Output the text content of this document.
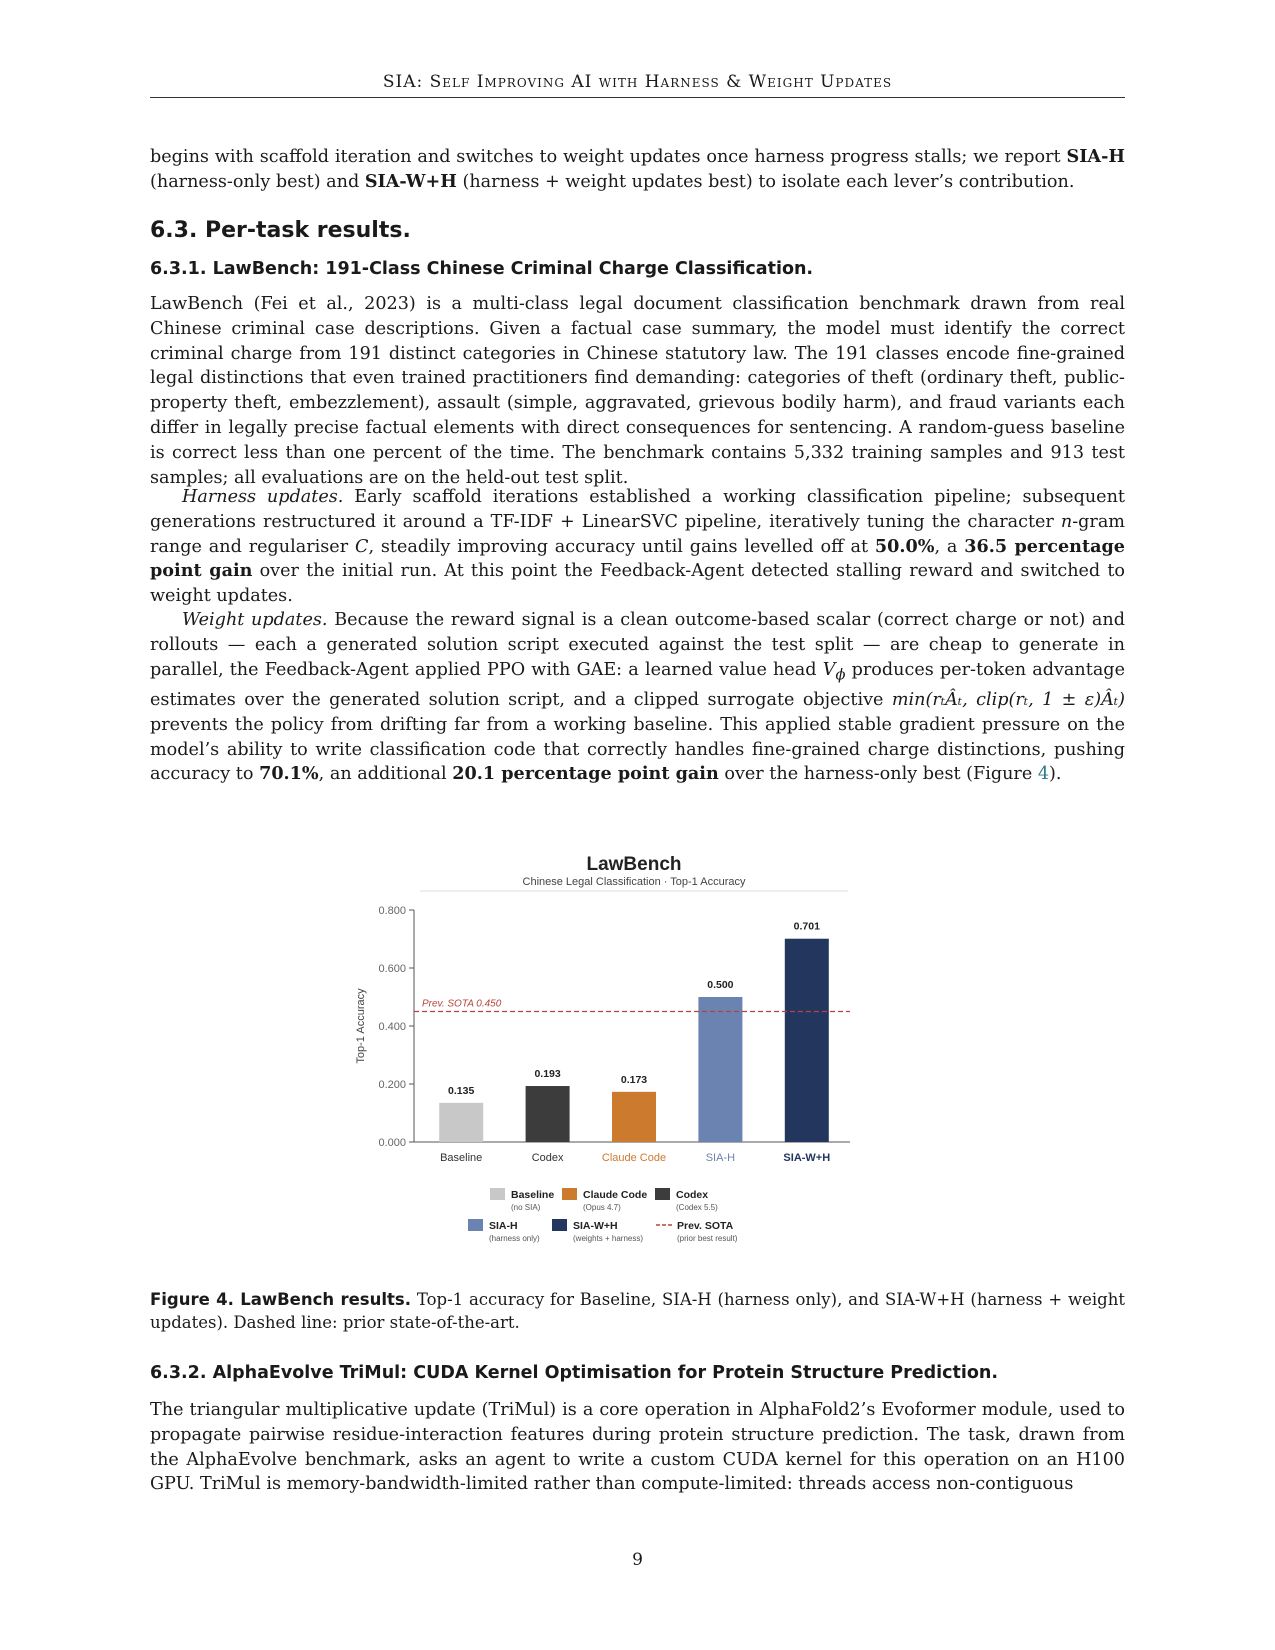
SIA: Self Improving AI with Harness & Weight Updates

begins with scaffold iteration and switches to weight updates once harness progress stalls; we report SIA-H (harness-only best) and SIA-W+H (harness + weight updates best) to isolate each lever’s contribution.

6.3. Per-task results.
6.3.1. LawBench: 191-Class Chinese Criminal Charge Classification.

LawBench (Fei et al., 2023) is a multi-class legal document classification benchmark drawn from real Chinese criminal case descriptions. Given a factual case summary, the model must identify the correct criminal charge from 191 distinct categories in Chinese statutory law. The 191 classes encode fine-grained legal distinctions that even trained practitioners find demanding: categories of theft (ordinary theft, public-property theft, embezzlement), assault (simple, aggravated, grievous bodily harm), and fraud variants each differ in legally precise factual elements with direct consequences for sentencing. A random-guess baseline is correct less than one percent of the time. The benchmark contains 5,332 training samples and 913 test samples; all evaluations are on the held-out test split.

Harness updates. Early scaffold iterations established a working classification pipeline; subsequent generations restructured it around a TF-IDF + LinearSVC pipeline, iteratively tuning the character n-gram range and regulariser C, steadily improving accuracy until gains levelled off at 50.0%, a 36.5 percentage point gain over the initial run. At this point the Feedback-Agent detected stalling reward and switched to weight updates.

Weight updates. Because the reward signal is a clean outcome-based scalar (correct charge or not) and rollouts — each a generated solution script executed against the test split — are cheap to generate in parallel, the Feedback-Agent applied PPO with GAE: a learned value head $V_\phi$ produces per-token advantage estimates over the generated solution script, and a clipped surrogate objective min(rₜÂₜ, clip(rₜ, 1 ± ε)Âₜ) prevents the policy from drifting far from a working baseline. This applied stable gradient pressure on the model’s ability to write classification code that correctly handles fine-grained charge distinctions, pushing accuracy to 70.1%, an additional 20.1 percentage point gain over the harness-only best (Figure 4).

LawBench
Chinese Legal Classification · Top-1 Accuracy
0.000
0.200
0.400
0.600
0.800
Top-1 Accuracy
0.135
Baseline
0.193
Codex
0.173
Claude Code
0.500
SIA-H
0.701
SIA-W+H
Prev. SOTA 0.450
Baseline
(no SIA)
Claude Code
(Opus 4.7)
Codex
(Codex 5.5)
SIA-H
(harness only)
SIA-W+H
(weights + harness)
Prev. SOTA
(prior best result)
Figure 4. LawBench results. Top-1 accuracy for Baseline, SIA-H (harness only), and SIA-W+H (harness + weight updates). Dashed line: prior state-of-the-art.
6.3.2. AlphaEvolve TriMul: CUDA Kernel Optimisation for Protein Structure Prediction.

The triangular multiplicative update (TriMul) is a core operation in AlphaFold2’s Evoformer module, used to propagate pairwise residue-interaction features during protein structure prediction. The task, drawn from the AlphaEvolve benchmark, asks an agent to write a custom CUDA kernel for this operation on an H100 GPU. TriMul is memory-bandwidth-limited rather than compute-limited: threads access non-contiguous

9
